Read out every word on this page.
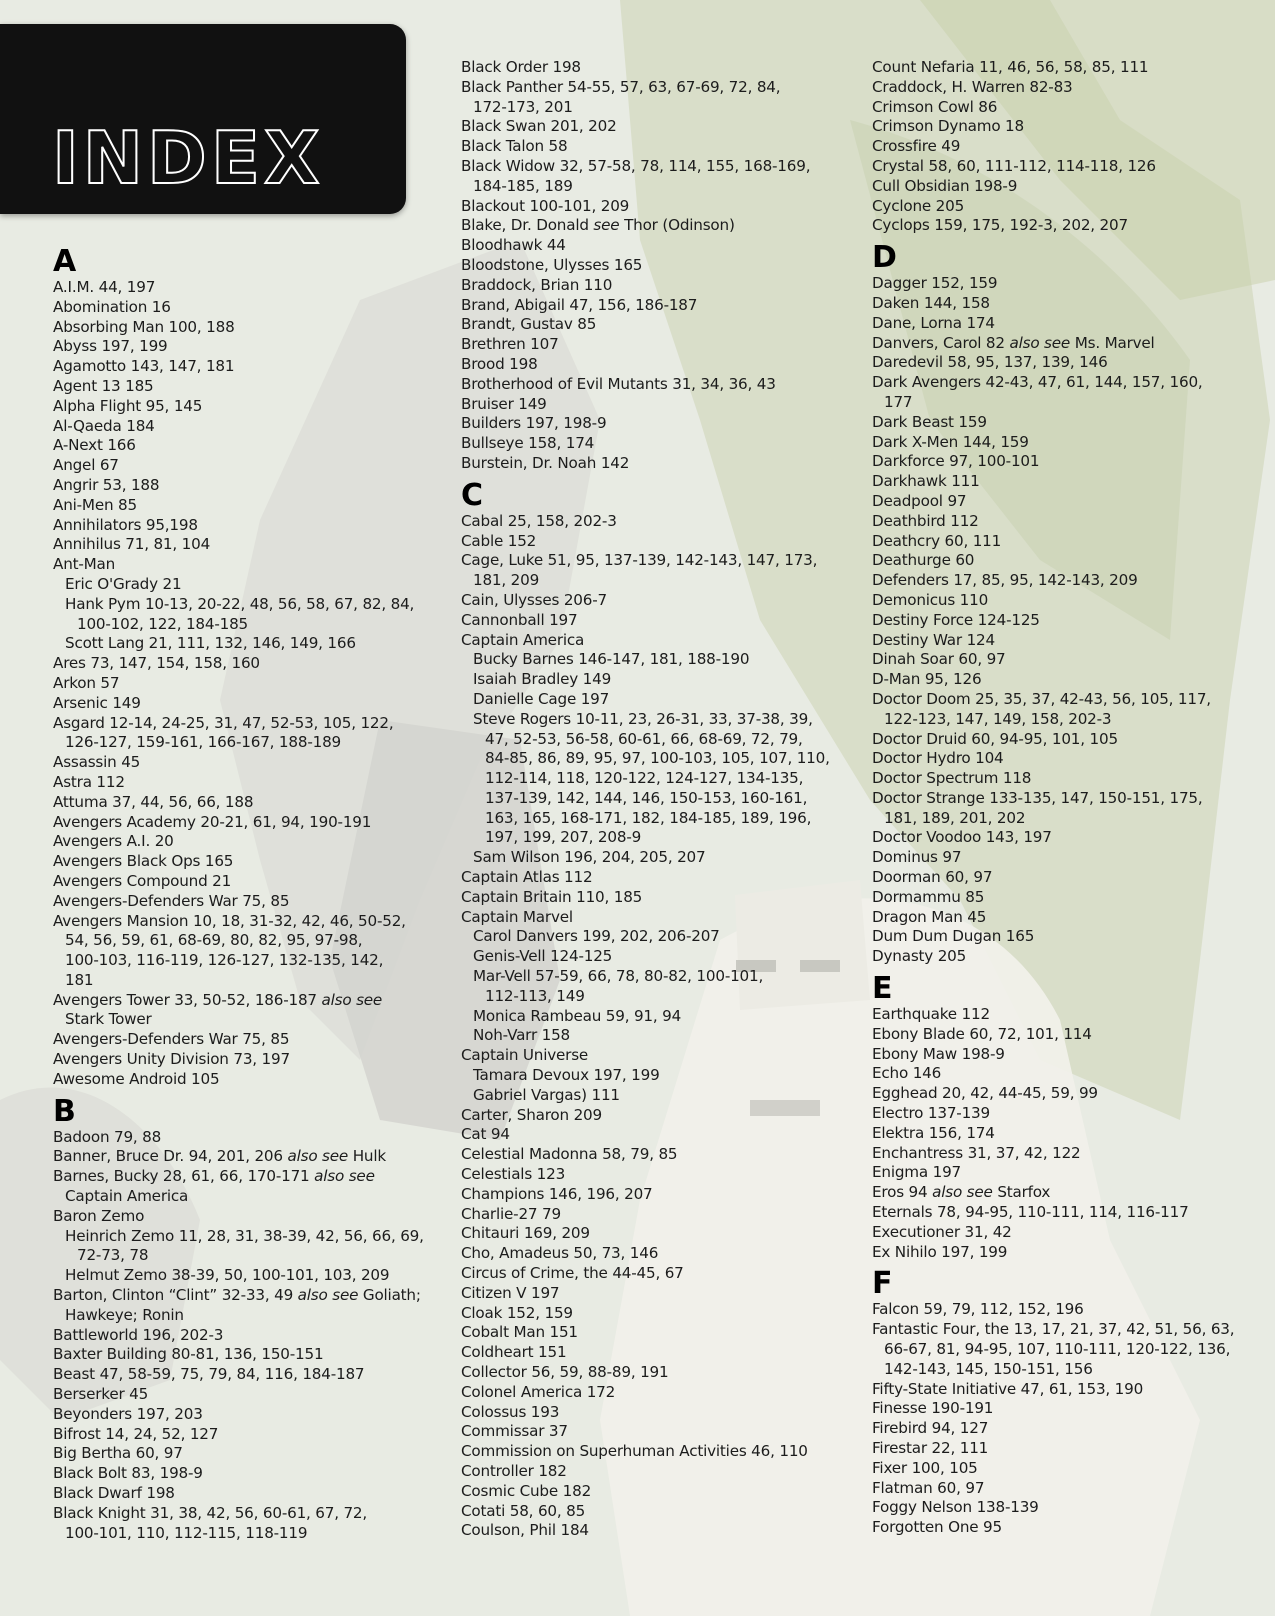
INDEX
A
A.I.M. 44, 197
Abomination 16
Absorbing Man 100, 188
Abyss 197, 199
Agamotto 143, 147, 181
Agent 13 185
Alpha Flight 95, 145
Al-Qaeda 184
A-Next 166
Angel 67
Angrir 53, 188
Ani-Men 85
Annihilators 95,198
Annihilus 71, 81, 104
Ant-Man
Eric O'Grady 21
Hank Pym 10-13, 20-22, 48, 56, 58, 67, 82, 84,
100-102, 122, 184-185
Scott Lang 21, 111, 132, 146, 149, 166
Ares 73, 147, 154, 158, 160
Arkon 57
Arsenic 149
Asgard 12-14, 24-25, 31, 47, 52-53, 105, 122,
126-127, 159-161, 166-167, 188-189
Assassin 45
Astra 112
Attuma 37, 44, 56, 66, 188
Avengers Academy 20-21, 61, 94, 190-191
Avengers A.I. 20
Avengers Black Ops 165
Avengers Compound 21
Avengers-Defenders War 75, 85
Avengers Mansion 10, 18, 31-32, 42, 46, 50-52,
54, 56, 59, 61, 68-69, 80, 82, 95, 97-98,
100-103, 116-119, 126-127, 132-135, 142,
181
Avengers Tower 33, 50-52, 186-187 also see
Stark Tower
Avengers-Defenders War 75, 85
Avengers Unity Division 73, 197
Awesome Android 105
B
Badoon 79, 88
Banner, Bruce Dr. 94, 201, 206 also see Hulk
Barnes, Bucky 28, 61, 66, 170-171 also see
Captain America
Baron Zemo
Heinrich Zemo 11, 28, 31, 38-39, 42, 56, 66, 69,
72-73, 78
Helmut Zemo 38-39, 50, 100-101, 103, 209
Barton, Clinton “Clint” 32-33, 49 also see Goliath;
Hawkeye; Ronin
Battleworld 196, 202-3
Baxter Building 80-81, 136, 150-151
Beast 47, 58-59, 75, 79, 84, 116, 184-187
Berserker 45
Beyonders 197, 203
Bifrost 14, 24, 52, 127
Big Bertha 60, 97
Black Bolt 83, 198-9
Black Dwarf 198
Black Knight 31, 38, 42, 56, 60-61, 67, 72,
100-101, 110, 112-115, 118-119
Black Order 198
Black Panther 54-55, 57, 63, 67-69, 72, 84,
172-173, 201
Black Swan 201, 202
Black Talon 58
Black Widow 32, 57-58, 78, 114, 155, 168-169,
184-185, 189
Blackout 100-101, 209
Blake, Dr. Donald see Thor (Odinson)
Bloodhawk 44
Bloodstone, Ulysses 165
Braddock, Brian 110
Brand, Abigail 47, 156, 186-187
Brandt, Gustav 85
Brethren 107
Brood 198
Brotherhood of Evil Mutants 31, 34, 36, 43
Bruiser 149
Builders 197, 198-9
Bullseye 158, 174
Burstein, Dr. Noah 142
C
Cabal 25, 158, 202-3
Cable 152
Cage, Luke 51, 95, 137-139, 142-143, 147, 173,
181, 209
Cain, Ulysses 206-7
Cannonball 197
Captain America
Bucky Barnes 146-147, 181, 188-190
Isaiah Bradley 149
Danielle Cage 197
Steve Rogers 10-11, 23, 26-31, 33, 37-38, 39,
47, 52-53, 56-58, 60-61, 66, 68-69, 72, 79,
84-85, 86, 89, 95, 97, 100-103, 105, 107, 110,
112-114, 118, 120-122, 124-127, 134-135,
137-139, 142, 144, 146, 150-153, 160-161,
163, 165, 168-171, 182, 184-185, 189, 196,
197, 199, 207, 208-9
Sam Wilson 196, 204, 205, 207
Captain Atlas 112
Captain Britain 110, 185
Captain Marvel
Carol Danvers 199, 202, 206-207
Genis-Vell 124-125
Mar-Vell 57-59, 66, 78, 80-82, 100-101,
112-113, 149
Monica Rambeau 59, 91, 94
Noh-Varr 158
Captain Universe
Tamara Devoux 197, 199
Gabriel Vargas) 111
Carter, Sharon 209
Cat 94
Celestial Madonna 58, 79, 85
Celestials 123
Champions 146, 196, 207
Charlie-27 79
Chitauri 169, 209
Cho, Amadeus 50, 73, 146
Circus of Crime, the 44-45, 67
Citizen V 197
Cloak 152, 159
Cobalt Man 151
Coldheart 151
Collector 56, 59, 88-89, 191
Colonel America 172
Colossus 193
Commissar 37
Commission on Superhuman Activities 46, 110
Controller 182
Cosmic Cube 182
Cotati 58, 60, 85
Coulson, Phil 184
Count Nefaria 11, 46, 56, 58, 85, 111
Craddock, H. Warren 82-83
Crimson Cowl 86
Crimson Dynamo 18
Crossfire 49
Crystal 58, 60, 111-112, 114-118, 126
Cull Obsidian 198-9
Cyclone 205
Cyclops 159, 175, 192-3, 202, 207
D
Dagger 152, 159
Daken 144, 158
Dane, Lorna 174
Danvers, Carol 82 also see Ms. Marvel
Daredevil 58, 95, 137, 139, 146
Dark Avengers 42-43, 47, 61, 144, 157, 160,
177
Dark Beast 159
Dark X-Men 144, 159
Darkforce 97, 100-101
Darkhawk 111
Deadpool 97
Deathbird 112
Deathcry 60, 111
Deathurge 60
Defenders 17, 85, 95, 142-143, 209
Demonicus 110
Destiny Force 124-125
Destiny War 124
Dinah Soar 60, 97
D-Man 95, 126
Doctor Doom 25, 35, 37, 42-43, 56, 105, 117,
122-123, 147, 149, 158, 202-3
Doctor Druid 60, 94-95, 101, 105
Doctor Hydro 104
Doctor Spectrum 118
Doctor Strange 133-135, 147, 150-151, 175,
181, 189, 201, 202
Doctor Voodoo 143, 197
Dominus 97
Doorman 60, 97
Dormammu 85
Dragon Man 45
Dum Dum Dugan 165
Dynasty 205
E
Earthquake 112
Ebony Blade 60, 72, 101, 114
Ebony Maw 198-9
Echo 146
Egghead 20, 42, 44-45, 59, 99
Electro 137-139
Elektra 156, 174
Enchantress 31, 37, 42, 122
Enigma 197
Eros 94 also see Starfox
Eternals 78, 94-95, 110-111, 114, 116-117
Executioner 31, 42
Ex Nihilo 197, 199
F
Falcon 59, 79, 112, 152, 196
Fantastic Four, the 13, 17, 21, 37, 42, 51, 56, 63,
66-67, 81, 94-95, 107, 110-111, 120-122, 136,
142-143, 145, 150-151, 156
Fifty-State Initiative 47, 61, 153, 190
Finesse 190-191
Firebird 94, 127
Firestar 22, 111
Fixer 100, 105
Flatman 60, 97
Foggy Nelson 138-139
Forgotten One 95
